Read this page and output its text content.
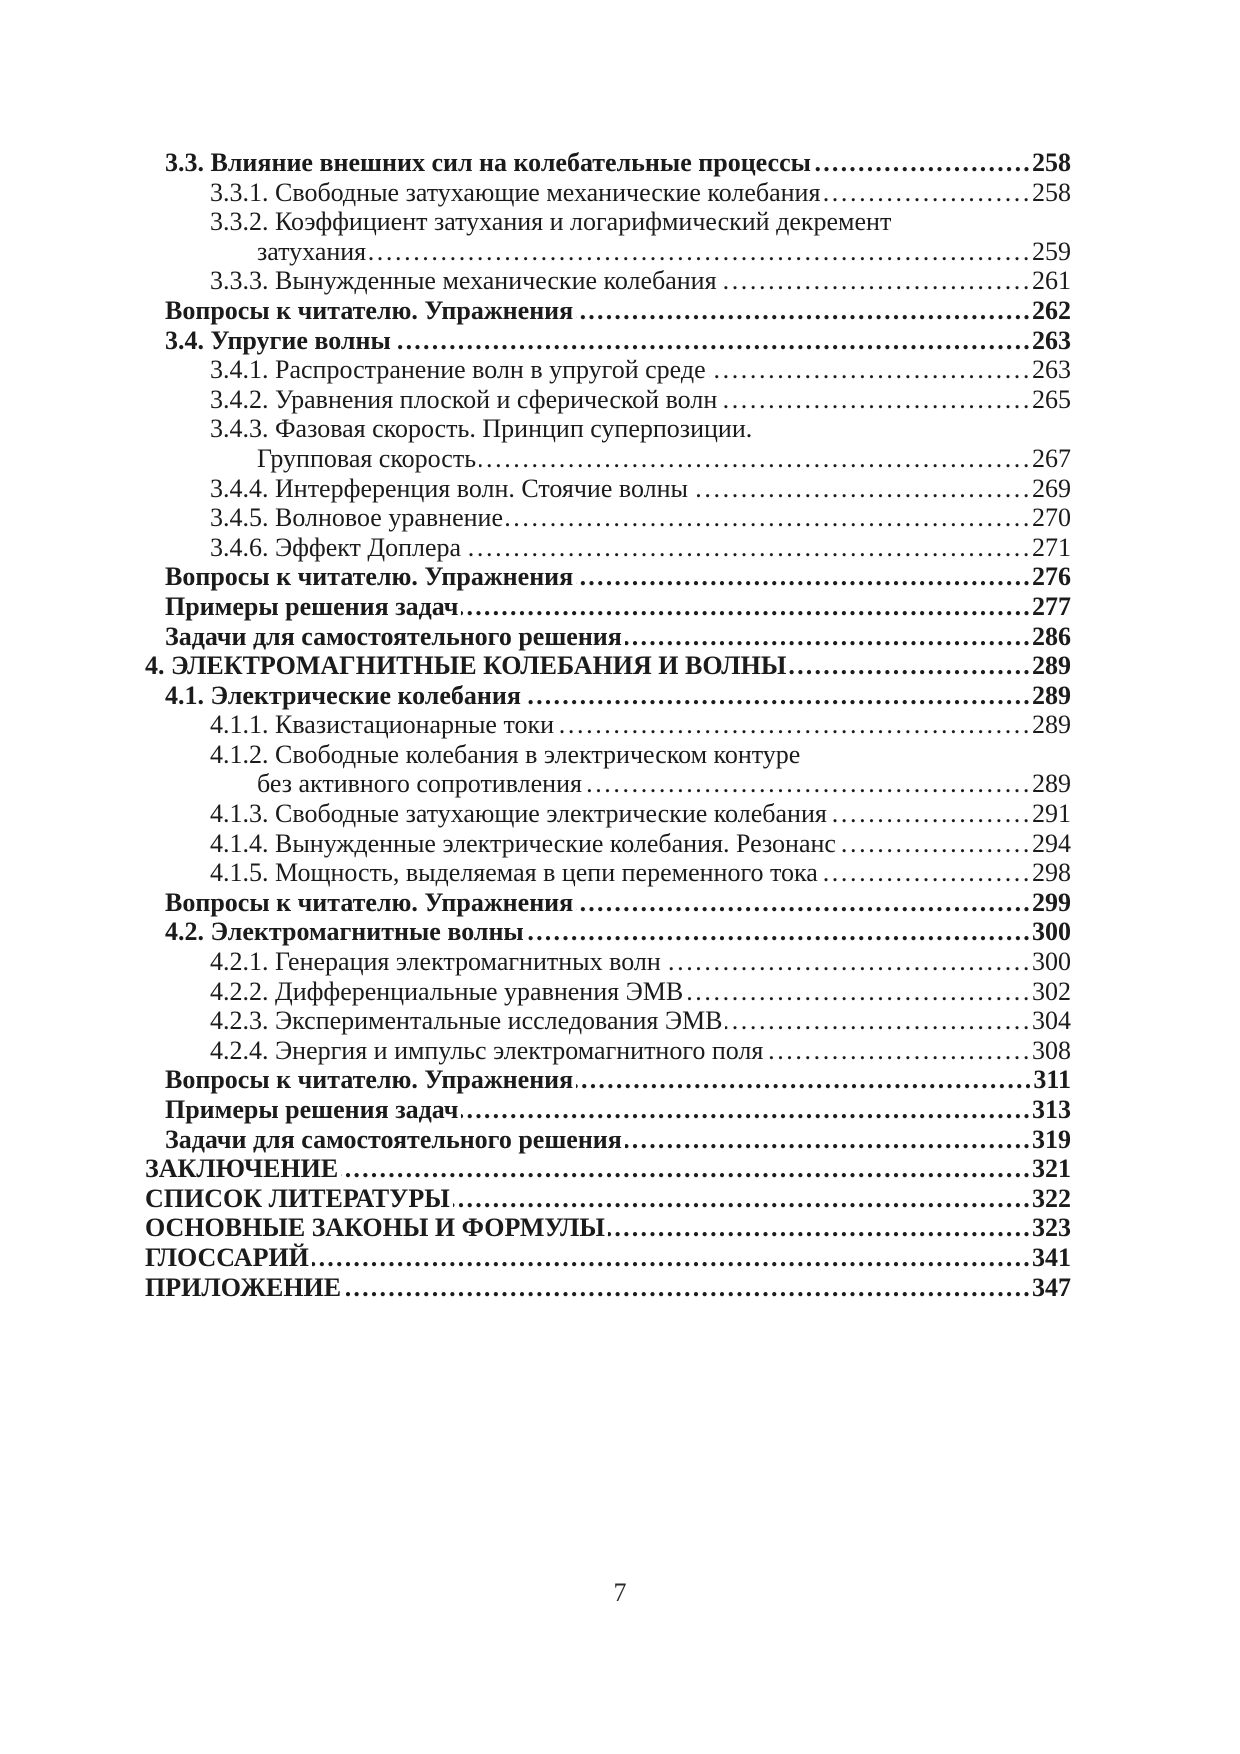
3.3. Влияние внешних сил на колебательные процессы .....	258
3.3.1. Свободные затухающие механические колебания .....	258
3.3.2. Коэффициент затухания и логарифмический декремент
затухания .....	259
3.3.3. Вынужденные механические колебания .....	261
Вопросы к читателю. Упражнения .....	262
3.4. Упругие волны .....	263
3.4.1. Распространение волн в упругой среде .....	263
3.4.2. Уравнения плоской и сферической волн .....	265
3.4.3. Фазовая скорость. Принцип суперпозиции.
Групповая скорость .....	267
3.4.4. Интерференция волн. Стоячие волны .....	269
3.4.5. Волновое уравнение .....	270
3.4.6. Эффект Доплера .....	271
Вопросы к читателю. Упражнения .....	276
Примеры решения задач .....	277
Задачи для самостоятельного решения .....	286
4. ЭЛЕКТРОМАГНИТНЫЕ КОЛЕБАНИЯ И ВОЛНЫ .....	289
4.1. Электрические колебания .....	289
4.1.1. Квазистационарные токи .....	289
4.1.2. Свободные колебания в электрическом контуре
без активного сопротивления .....	289
4.1.3. Свободные затухающие электрические колебания .....	291
4.1.4. Вынужденные электрические колебания. Резонанс .....	294
4.1.5. Мощность, выделяемая в цепи переменного тока .....	298
Вопросы к читателю. Упражнения .....	299
4.2. Электромагнитные волны .....	300
4.2.1. Генерация электромагнитных волн .....	300
4.2.2. Дифференциальные уравнения ЭМВ .....	302
4.2.3. Экспериментальные исследования ЭМВ .....	304
4.2.4. Энергия и импульс электромагнитного поля .....	308
Вопросы к читателю. Упражнения .....	311
Примеры решения задач .....	313
Задачи для самостоятельного решения .....	319
ЗАКЛЮЧЕНИЕ .....	321
СПИСОК ЛИТЕРАТУРЫ .....	322
ОСНОВНЫЕ ЗАКОНЫ И ФОРМУЛЫ .....	323
ГЛОССАРИЙ .....	341
ПРИЛОЖЕНИЕ .....	347
7
